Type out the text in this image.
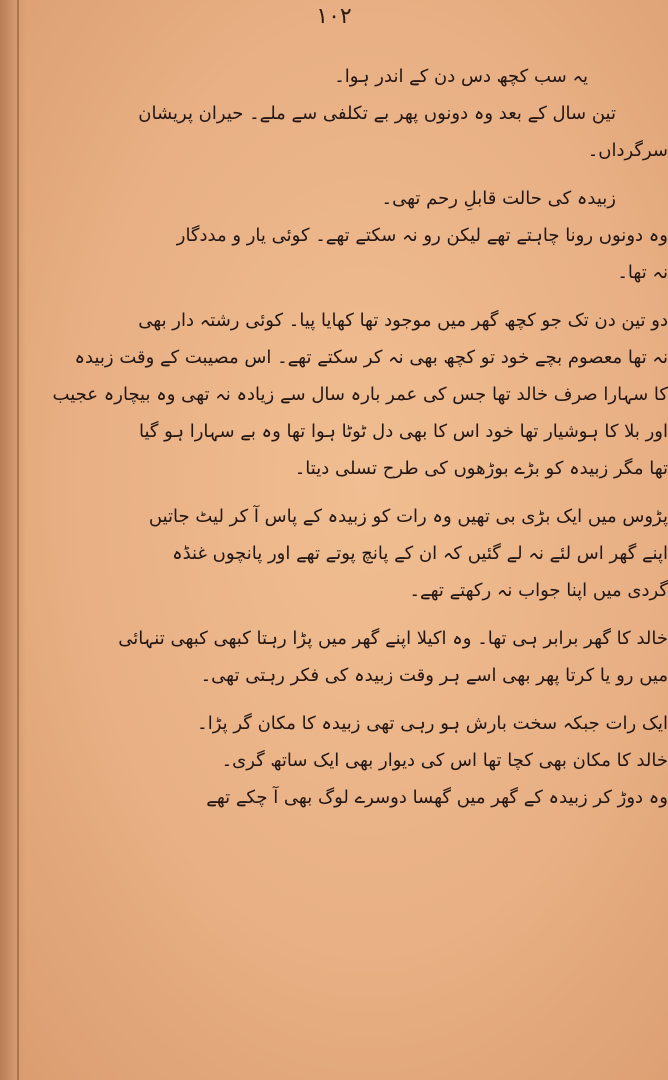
۱۰۲
یہ سب کچھ دس دن کے اندر ہوا۔
تین سال کے بعد وہ دونوں پھر بے تکلفی سے ملے۔ حیران پریشان
سرگرداں۔
زبیدہ کی حالت قابلِ رحم تھی۔
وہ دونوں رونا چاہتے تھے لیکن رو نہ سکتے تھے۔ کوئی یار و مددگار
نہ تھا۔
دو تین دن تک جو کچھ گھر میں موجود تھا کھایا پیا۔ کوئی رشتہ دار بھی
نہ تھا معصوم بچے خود تو کچھ بھی نہ کر سکتے تھے۔ اس مصیبت کے وقت زبیدہ
کا سہارا صرف خالد تھا جس کی عمر بارہ سال سے زیادہ نہ تھی وہ بیچارہ عجیب
اور بلا کا ہوشیار تھا خود اس کا بھی دل ٹوٹا ہوا تھا وہ بے سہارا ہو گیا
تھا مگر زبیدہ کو بڑے بوڑھوں کی طرح تسلی دیتا۔
پڑوس میں ایک بڑی بی تھیں وہ رات کو زبیدہ کے پاس آ کر لیٹ جاتیں
اپنے گھر اس لئے نہ لے گئیں کہ ان کے پانچ پوتے تھے اور پانچوں غنڈہ
گردی میں اپنا جواب نہ رکھتے تھے۔
خالد کا گھر برابر ہی تھا۔ وہ اکیلا اپنے گھر میں پڑا رہتا کبھی کبھی تنہائی
میں رو یا کرتا پھر بھی اسے ہر وقت زبیدہ کی فکر رہتی تھی۔
ایک رات جبکہ سخت بارش ہو رہی تھی زبیدہ کا مکان گر پڑا۔
خالد کا مکان بھی کچا تھا اس کی دیوار بھی ایک ساتھ گری۔
وہ دوڑ کر زبیدہ کے گھر میں گھسا دوسرے لوگ بھی آ چکے تھے
